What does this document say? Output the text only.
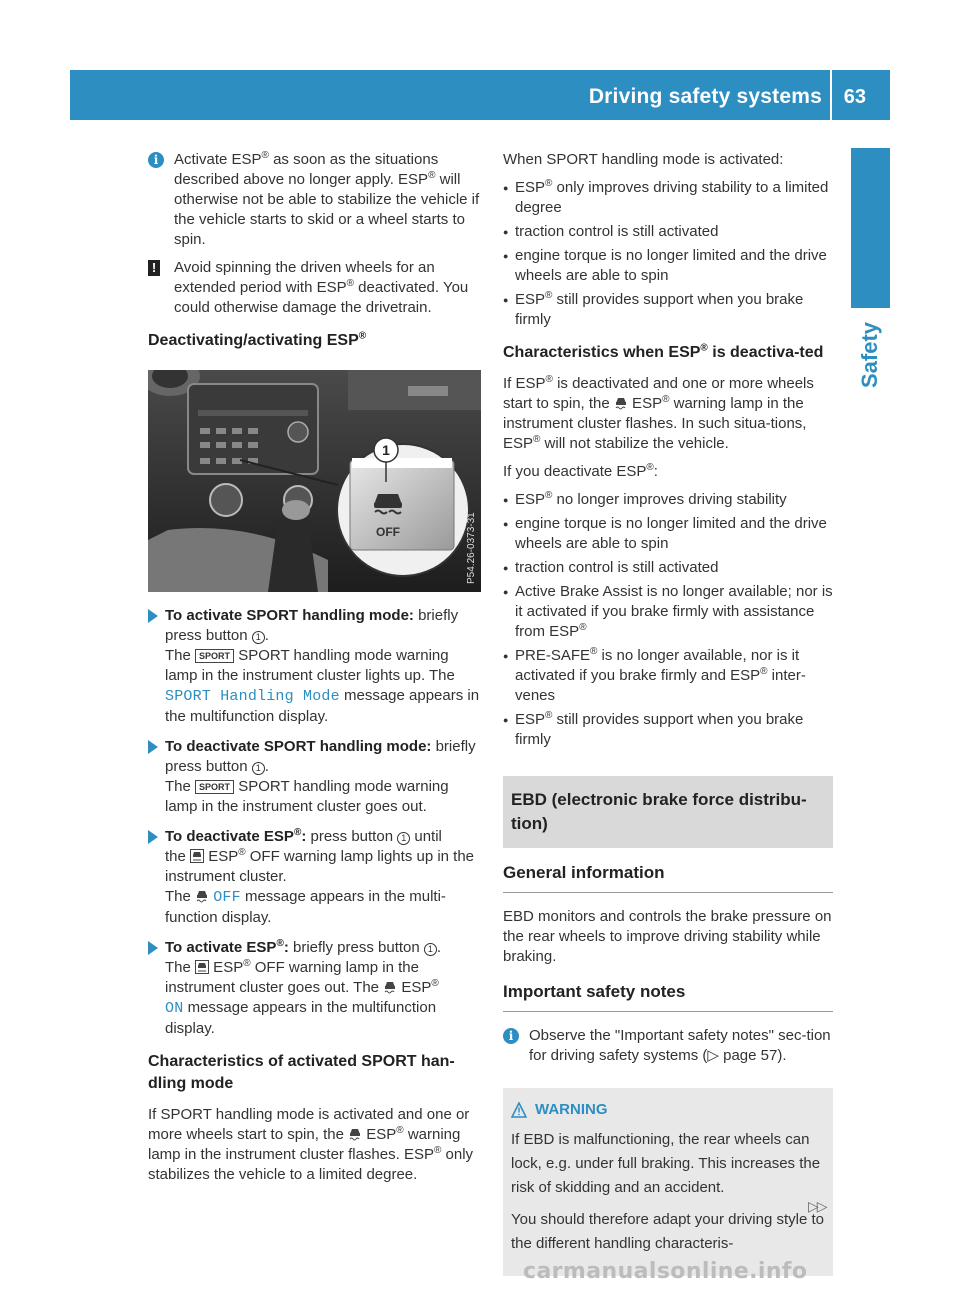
Driving safety systems 63
Safety
i	Activate ESP® as soon as the situations described above no longer apply. ESP® will otherwise not be able to stabilize the vehicle if the vehicle starts to skid or a wheel starts to spin.
! Avoid spinning the driven wheels for an extended period with ESP® deactivated. You could otherwise damage the drivetrain.
Deactivating/activating ESP®
1
OFF	P54.26-0373-31
To activate SPORT handling mode: briefly press button 1 .
The SPORT SPORT handling mode warning lamp in the instrument cluster lights up. The SPORT Handling Mode message appears in the multifunction display.
To deactivate SPORT handling mode: briefly press button 1 .
The SPORT SPORT handling mode warning lamp in the instrument cluster goes out.
To deactivate ESP®: press button 1 until
the  ESP® OFF warning lamp lights up in the instrument cluster.
The  OFF message appears in the multi-function display.
To activate ESP®: briefly press button 1 .
The  ESP® OFF warning lamp in the instrument cluster goes out. The  ESP®
ON message appears in the multifunction display.
Characteristics of activated SPORT han-dling mode

If SPORT handling mode is activated and one or more wheels start to spin, the  ESP® warning lamp in the instrument cluster flashes. ESP® only stabilizes the vehicle to a limited degree.

When SPORT handling mode is activated:

● ESP® only improves driving stability to a limited degree
● traction control is still activated
● engine torque is no longer limited and the drive wheels are able to spin
● ESP® still provides support when you brake firmly
Characteristics when ESP® is deactiva-ted

If ESP® is deactivated and one or more wheels start to spin, the  ESP® warning lamp in the instrument cluster flashes. In such situa-tions, ESP® will not stabilize the vehicle.

If you deactivate ESP®:

● ESP® no longer improves driving stability
● engine torque is no longer limited and the drive wheels are able to spin
● traction control is still activated
● Active Brake Assist is no longer available; nor is it activated if you brake firmly with assistance from ESP®
● PRE-SAFE® is no longer available, nor is it activated if you brake firmly and ESP® inter-venes
● ESP® still provides support when you brake firmly
EBD (electronic brake force distribu-tion)
General information

EBD monitors and controls the brake pressure on the rear wheels to improve driving stability while braking.

Important safety notes
i	Observe the "Important safety notes" sec-tion for driving safety systems (▷ page 57).
WARNING

If EBD is malfunctioning, the rear wheels can lock, e.g. under full braking. This increases the risk of skidding and an accident.

You should therefore adapt your driving style to the different handling characteris-

▷▷
carmanualsonline.info
